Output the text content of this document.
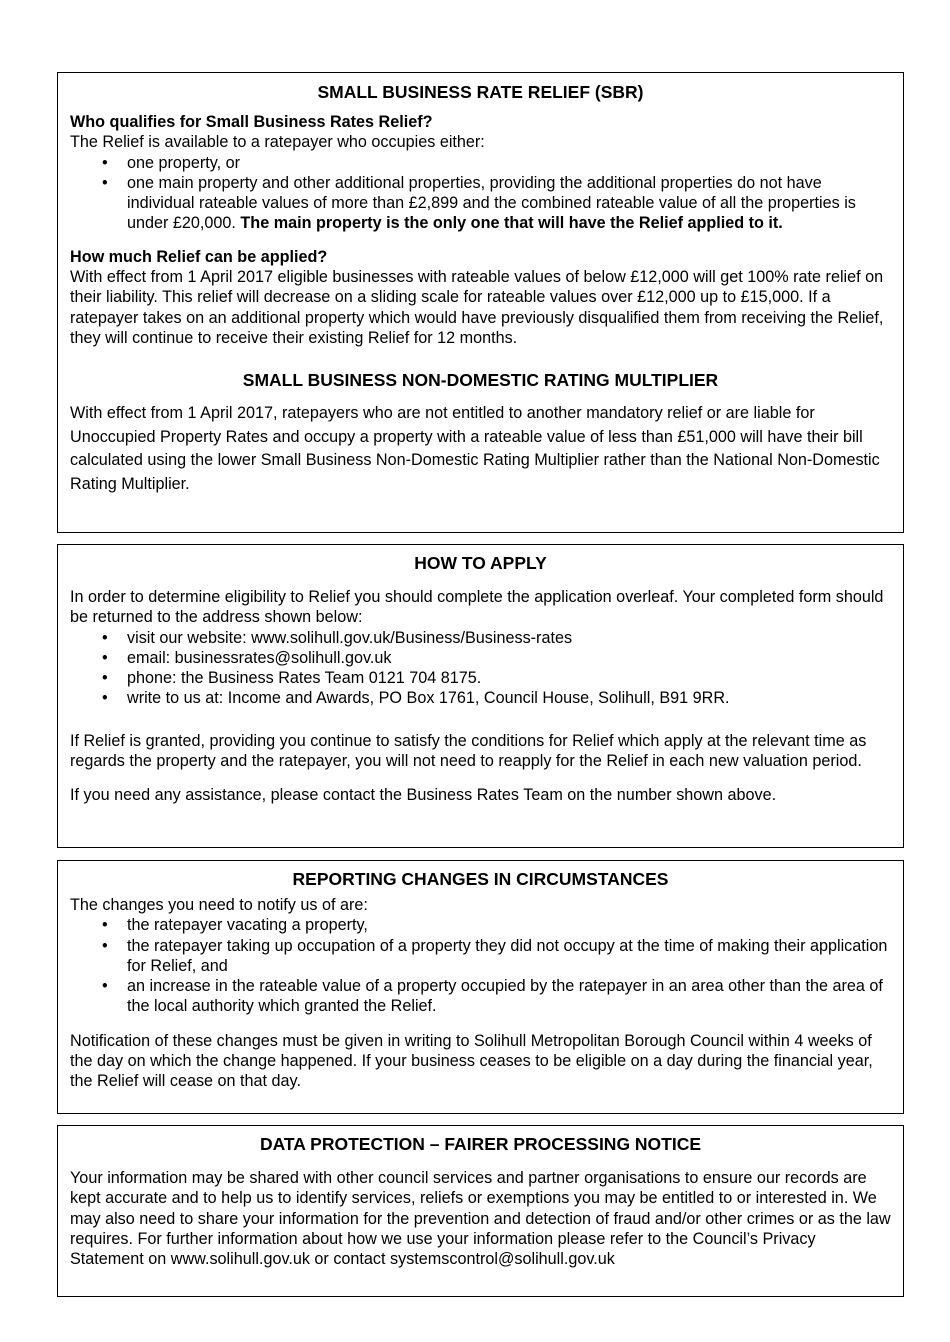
SMALL BUSINESS RATE RELIEF (SBR)

Who qualifies for Small Business Rates Relief?

The Relief is available to a ratepayer who occupies either:

• one property, or
• one main property and other additional properties, providing the additional properties do not have individual rateable values of more than £2,899 and the combined rateable value of all the properties is under £20,000. The main property is the only one that will have the Relief applied to it.

How much Relief can be applied?

With effect from 1 April 2017 eligible businesses with rateable values of below £12,000 will get 100% rate relief on their liability. This relief will decrease on a sliding scale for rateable values over £12,000 up to £15,000. If a ratepayer takes on an additional property which would have previously disqualified them from receiving the Relief, they will continue to receive their existing Relief for 12 months.

SMALL BUSINESS NON-DOMESTIC RATING MULTIPLIER

With effect from 1 April 2017, ratepayers who are not entitled to another mandatory relief or are liable for Unoccupied Property Rates and occupy a property with a rateable value of less than £51,000 will have their bill calculated using the lower Small Business Non-Domestic Rating Multiplier rather than the National Non-Domestic Rating Multiplier.

HOW TO APPLY

In order to determine eligibility to Relief you should complete the application overleaf. Your completed form should be returned to the address shown below:

• visit our website: www.solihull.gov.uk/Business/Business-rates
• email: businessrates@solihull.gov.uk
• phone: the Business Rates Team 0121 704 8175.
• write to us at: Income and Awards, PO Box 1761, Council House, Solihull, B91 9RR.

If Relief is granted, providing you continue to satisfy the conditions for Relief which apply at the relevant time as regards the property and the ratepayer, you will not need to reapply for the Relief in each new valuation period.

If you need any assistance, please contact the Business Rates Team on the number shown above.

REPORTING CHANGES IN CIRCUMSTANCES

The changes you need to notify us of are:

• the ratepayer vacating a property,
• the ratepayer taking up occupation of a property they did not occupy at the time of making their application for Relief, and
• an increase in the rateable value of a property occupied by the ratepayer in an area other than the area of the local authority which granted the Relief.

Notification of these changes must be given in writing to Solihull Metropolitan Borough Council within 4 weeks of the day on which the change happened. If your business ceases to be eligible on a day during the financial year, the Relief will cease on that day.

DATA PROTECTION – FAIRER PROCESSING NOTICE

Your information may be shared with other council services and partner organisations to ensure our records are kept accurate and to help us to identify services, reliefs or exemptions you may be entitled to or interested in. We may also need to share your information for the prevention and detection of fraud and/or other crimes or as the law requires. For further information about how we use your information please refer to the Council’s Privacy Statement on www.solihull.gov.uk or contact systemscontrol@solihull.gov.uk
